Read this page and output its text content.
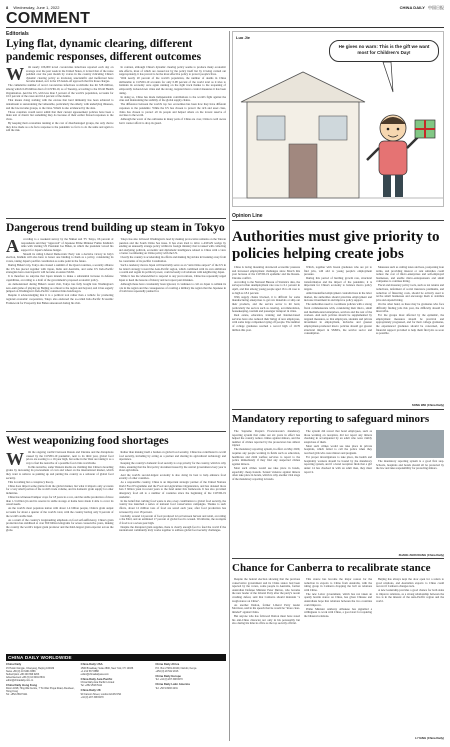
8 Wednesday, June 1, 2022	CHINA DAILY 中国日报
COMMENT
Editorials
Lying flat, dynamic clearing, different pandemic responses, different outcomes
W	ith nearly 106,000 novel coronavirus infections reported each day on average over the past week in the United States, it is hard that of the noise peddled over the past month by voices in the country ridiculing China's dynamic clearing policy as irrational, unscientific and ineffectual have become muted, as it is the US hands-off approach that fits those charges.

The cumulative number of novel coronavirus infections worldwide has hit 528 million, among which 6.28 million died of COVID-19, as of Tuesday, according to the World Health Organization. And the US, with less than 5 percent of the world's population, accounts for 16.5 percent of the cases and 16.4 percent of the deaths.

That means doing nothing with the excuse that herd immunity has been achieved is tantamount to surrendering the vulnerable, particularly the elderly, with underlying illnesses, and the low-income groups, to the virus. Which is also evidenced by the data.

Those countries would never admit that their current appeasement policies have been a main text of drastic but something they do because of their earlier flawed responses to the virus.

By keeping their economies running at the cost of disadvantaged groups, the only choice they have made as a de facto response to the pandemic so far is to do the same and again to add the risk.

In contrast, although China's dynamic clearing policy seems to produce many economic side effects, most of which are caused not by the policy itself but by it being carried out inappropriately, it has proved to be the most effective policy to protect people's lives.

With nearly 20 percent of the world's population, the number of deaths in China attributable to COVID-19 accounts for only 0.08 percent of the world total as it tries to maintain its economy once again running on the right track thanks to the reopening of temporarily locked-down cities and the strong, targeted macro control measures it has been taking.

In doing so, China has made indispensable contributions to the world's fight against the virus and maintaining the stability of the global supply chains.

The difference between the world's top two economies has been how they have different responses to the pandemic. While the US has chosen to protect the rich and asset class, China has chosen to protect all its people and helped others on the lowest reserve of vaccines to the world.

Although the worst of the outbreaks in many parts of China are over, China is well aware that it cannot afford to drop its guard.

Dangerous trend building up steam in Tokyo
A	ccording to a weekend survey by the Nikkei and TV Tokyo, 66 percent of respondents said they "approved" of Japanese Prime Minister Fumio Kishida's talks with visiting US President Joe Biden, in which the president voiced his support for Japan's defense budget.

Should its ruling Liberal Democratic Party win a decisive victory in July's election, Kishida will also have to honor one binding to them as a policy, considering its voters, taking Japan's pacifist constitution as some point in the future.

During Biden's trip, Tokyo also hosted a summit of the Quad countries, a security alliance the US has pieced together with Japan, India and Australia, and some US Indo-Pacific strategists have even hoped it will become an Asian NATO.

It is therefore no surprise that Japan intends to make a substantial increase in defense capabilities, according to a draft of the government's proposed economic policy.

As demonstrated during Biden's recent visit, Tokyo has fully bought into Washington's zero-sum game of playing up Beijing as a threat to the region and beyond, and it has eagerly jumped on Washington's Indo-Pacific contain-China bandwagon.

Despite it acknowledging that it is a political tool rather than a vehicle for promoting regional economic cooperation, Tokyo also endorsed the so-called Indo-Pacific Economic Framework for Prosperity that Biden announced during his visit.

Tokyo has also followed Washington's lead by making provocative remarks on the Taiwan question and the South China Sea issue. It has even tried to drive a ASEAN wedge by sending an unusually strange policy within its foreign ministry that is tasked with collecting and analyzing political, economic and diplomatic intelligence related to China with a view to better coordinating on China policy with the US.

Clearly the country is accelerating its efforts and making big strides in breaking away from the constraints of its pacifist Constitution.

Such a tendency moves Japan will inevitably serve as an "anti-China outpost" of the US in the latter's strategy toward the Asia-Pacific region, which combined with its own ambitions to rearm and regain its political power, could severely roil relations with neighboring Japan.

While it has the wherewithal to respond to any provocations, China has repeatedly urged Japan to heed the lessons of history and not repeat past mistakes.

Although these have consistently been ignored, it continues to call on Japan to rethink its role in the region and the consequences of courting a military the region that the Japanese in of both have repeatedly pushed for.

West weaponizing food shortages
W	ith the ongoing conflict between Russia and Ukraine and the disruptions caused by the COVID-19 pandemic, next to its third year, global food prices are soaring to a 10-year high, but some in the West are taking it as a way to fuel the narrative of a possible food crisis worldwide.

In this narrative, some Western media are claiming that China is hoarding grains by increasing its procurement of corn and wheat on the international market, which they want to remove as pushing up and putting the country as a saboteur of global food security.

This is nothing but a conspiracy theory.

China does import some grains from the global market, but what it imports only accounts for a very small portion of the world's trade volume, and its domestic grain supply for other industries.

China has witnessed bumper crops for 18 years in a row, and the stable production of more than 1.3 trillion jin and its reserve in stable storage at home have made it able to cover its cereal needs.

As the world's most populous nation with about 1.4 billion people, China's grain output accounts for about a quarter of the world's total, with the country having only 9 percent of the world's arable land.

As a result of the country's longstanding emphasis on food self-sufficiency, China's grain production has stabilized at over 650 billion kilograms for seven consecutive years, making the country the world's largest grain producer and the third-largest grain exporter across the globe.

Rather than making itself a burden on global food security, China has contributed to world food security, including by acting as a partner and sharing its agricultural technology and experience.

Keeping the country's domestic food security is a top priority for the country, which is why China, ensuring that the first policy document issued by the central government every year is about agriculture.

And the world's second-largest economy is also doing its best to help enhance food security of other countries.

As a responsible country, China is an important strategic partner of the United Nations World Food Programme and the Food and Agriculture Organization, and has donated more than 3 billion yuan in recent years to the fund under this framework. It has also provided emergency food aid to a number of countries since the beginning of the COVID-19 pandemic.

In the belief that curbing food waste is also a key contribution to global food security, the country has launched a series of national food conservation campaigns. Thanks to such efforts, about 12 million tons of food are saved each year, after food production has increased by over 18 percent.

Globally, around 14 percent of food produced is lost between harvest and retail, according to the FAO, and an estimated 17 percent of global food is wasted. Worldwide, the stockpile of food is at a seven-year high.

Despite the disrupted grain supplies, there is clearly enough food to feed the world if the international community truly works together to address global food security challenges.

CHINA DAILY WORLDWIDE
China Daily
15 Huixin Dongjie, Chaoyang, Beijing 100029
News +86 (0) 10 6491 8366
Subscription +86 400 699 0203
Advertisement +86 (0) 10 6491 8631
editor@chinadaily.com.cn
China Daily Hong Kong
Room 1818, Hing Wai Centre, 7 Tin Wan Praya Road, Aberdeen, Hong Kong
Tel: +852 2518 5111
China Daily USA
1500 Broadway, Suite 2800, New York, NY 10036
+1 212 537 8888
editor@chinadailyusa.com
China Daily Asia Pacific
China Daily Asia Pacific Limited
Tel: +852 2518 5111
China Daily UK
90 Cannon Street, London EC4N 6HA
+44 (0) 207 398 8270
China Daily Africa
P.O. Box 27281-00100, Nairobi, Kenya
+254 (0) 20 522 2016
China Daily Europe
Tel: +44 (0) 207 398 8270
China Daily Latin America
Tel: +56 9 8293 4231
Luo Jie
He gives no warn: This is the gift we want most for Children's Day!
Opinion Line
Authorities must give priority to policies helping create jobs

China is facing mounting downward economic pressure and increased employment challenges since March this year because of the COVID-19 epidemic and the Russia-Ukraine conflict.

According to the National Bureau of Statistics data, the surveyed urban unemployment rate rose to 6.1 percent in April, and that among young people aged 16 to 24 rose to as high as 18.2 percent.

With supply chains blocked, it is difficult for some manufacturing enterprises to get raw materials or ship out their products, and the service sector is hit hard, particularly the sectors such as catering, accommodation, housekeeping, tourism and passenger transport in cities.

Real estate, education, training and Internet-based services have also reduced their hiring of new employees, with some large companies laying off people. The number of college graduates reached a record high of 10.76 million this year.

Which, together with frozen graduates who are yet to find jobs, will add to young people's employment pressure.

During this period of hurtling growth rate, structural transformation and the impact of the pandemic, it is important for China's economy to balance macro policy targets.

Amid intensified employment contradictions in the labor market, the authorities should prioritize employment and increase investment in and improve policy support.

The authorities need to coordinate policies with a strong fiscal commensurate with, considering their micro, small and medium-sized enterprises, services and the rest of the workers. And such policies should be supplemented by targeted measures, so that employers, students and private investment in employment, inclusive and greener employment-promoted macro policies should get greater structural impact in SMSEs, the service sector and consumption.

Measures such as cutting taxes and fees, postponing loan terms, and providing interest or rent subsidies could reduce the cost of micro-enterprises and self-employed businesses, and enable micro-entrepreneurs and small companies to continue hiring.

Fiscal and monetary policy tools, such as tax returns and reductions, deferment of social insurance premiums, and reduction of financing costs, should be actively used to revive small businesses and encourage them to stabilize jobs and expand hiring.

On the other hand, as there may be graduates who face difficulty finding jobs this year, the difficulty should be innovative.

For the groups most affected by the epidemic, the employment measures should be practical and appropriately progressed, and for their college graduates, the experienced graduates should be concerned, and financial support provided to help them find jobs as soon as possible.

SONG WEI (China Daily)
Mandatory reporting to safeguard minors

The Supreme People's Procuratorate's mandatory reporting system that came out six years in effect has helped the country reduce crimes against minors, and the number of crimes reported by the prosecutors has almost tripled.

The mandatory reporting system, in effect on May 2020, requires any people working in fields such as education, healthcare and child welfare services to report to the police immediately if they find any suspected crimes against minors.

Most such crimes would see take place in hotels, especially cheap hostels. Sexual violence against minors often take place in hotels, which is why another vital stage of the mandatory reporting is hotels.

The system did reveal that hotel employees, such as those working on reception, did not report any minors checking in accompanied by an adult who were visibly suspicious of them.

Most such crimes would see take place in private hospitals, which failed to call the police when they received girls who were minors and pregnant.

For proper investigations to take place, the health and hospitality workers should be bound by the mandatory reporting system, and if a hotel reception finds that a girl under 14 has checked in with an adult man, they must report it.

The mandatory reporting system is a good first step. Schools, hospitals and hotels should all be protected by the law and take responsibility for protecting minors.

ZHANG ZHOUXIANG (China Daily)
Chance for Canberra to recalibrate stance

Despite the federal election showing that the previous conservative government and its China stance had been rejected by the voters, some people in Australia, former Australian Defense Minister Peter Dutton, who became the new leader of the Liberal Party after the party's recent crushing defeat, said that Canberra should maintain "a tough stance on China".

As another Dutton, former Liberal Party leader Morrison, said in his speech that he would be "more clear-minded" against China.

But anyone who has followed Dutton must have noted his anti-China character not only in his personality but also during his time in office as the top security official.

This stance has become the major reason for the reduction in exports to China from Australia, with the ruling group in Canberra dropping the ball on relations with China.

The new Labor government, which has not taken an openly hostile stance on China, has given Chinese and Australians hope that relations between the two countries could improve.

Prime Minister Anthony Albanese has signalled a willingness to work with China, a good start for repairing the bilateral relations.

Beijing has always kept the door open for a return to good relations, and Australian exports to China could recover if Canberra changes tack.

A new leadership provides a good chance for both sides to improve relations, as a strong relationship between the two is in the interest of the Asia-Pacific region and the world.

LI YANG (China Daily)
